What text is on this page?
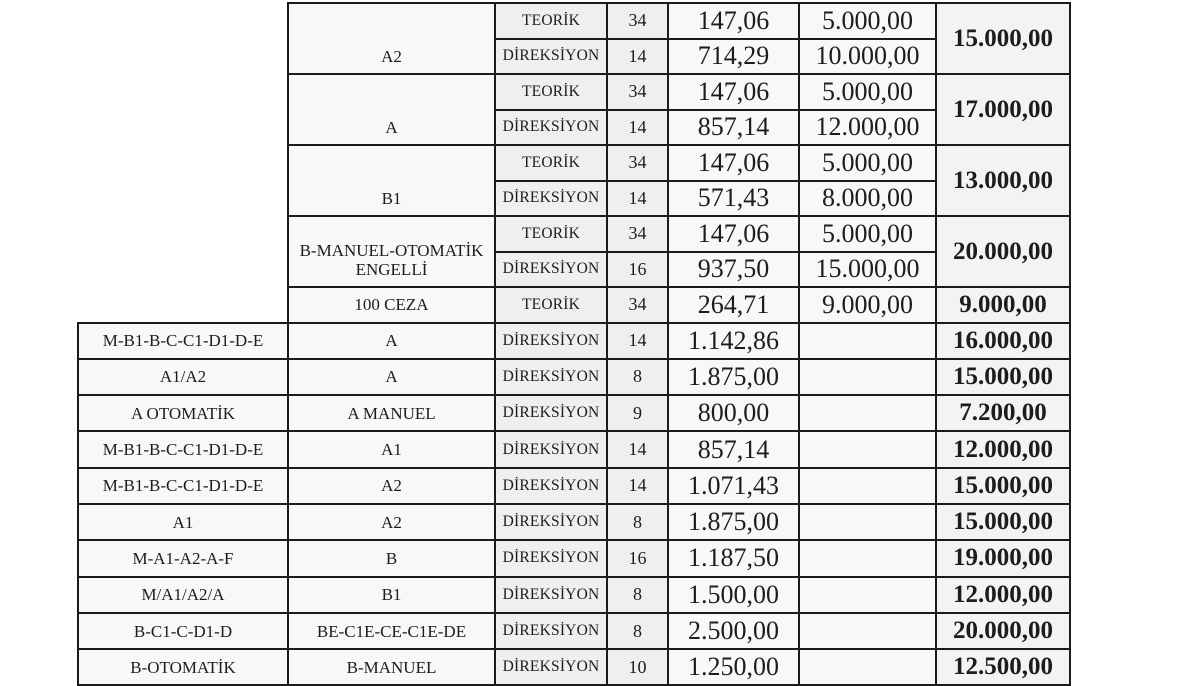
	A2	TEORİK	34	147,06	5.000,00	15.000,00
		DİREKSİYON	14	714,29	10.000,00	
	A	TEORİK	34	147,06	5.000,00	17.000,00
		DİREKSİYON	14	857,14	12.000,00	
	B1	TEORİK	34	147,06	5.000,00	13.000,00
		DİREKSİYON	14	571,43	8.000,00	
	B-MANUEL-OTOMATİK ENGELLİ	TEORİK	34	147,06	5.000,00	20.000,00
		DİREKSİYON	16	937,50	15.000,00	
	100 CEZA	TEORİK	34	264,71	9.000,00	9.000,00
M-B1-B-C-C1-D1-D-E	A	DİREKSİYON	14	1.142,86		16.000,00
A1/A2	A	DİREKSİYON	8	1.875,00		15.000,00
A OTOMATİK	A MANUEL	DİREKSİYON	9	800,00		7.200,00
M-B1-B-C-C1-D1-D-E	A1	DİREKSİYON	14	857,14		12.000,00
M-B1-B-C-C1-D1-D-E	A2	DİREKSİYON	14	1.071,43		15.000,00
A1	A2	DİREKSİYON	8	1.875,00		15.000,00
M-A1-A2-A-F	B	DİREKSİYON	16	1.187,50		19.000,00
M/A1/A2/A	B1	DİREKSİYON	8	1.500,00		12.000,00
B-C1-C-D1-D	BE-C1E-CE-C1E-DE	DİREKSİYON	8	2.500,00		20.000,00
B-OTOMATİK	B-MANUEL	DİREKSİYON	10	1.250,00		12.500,00
